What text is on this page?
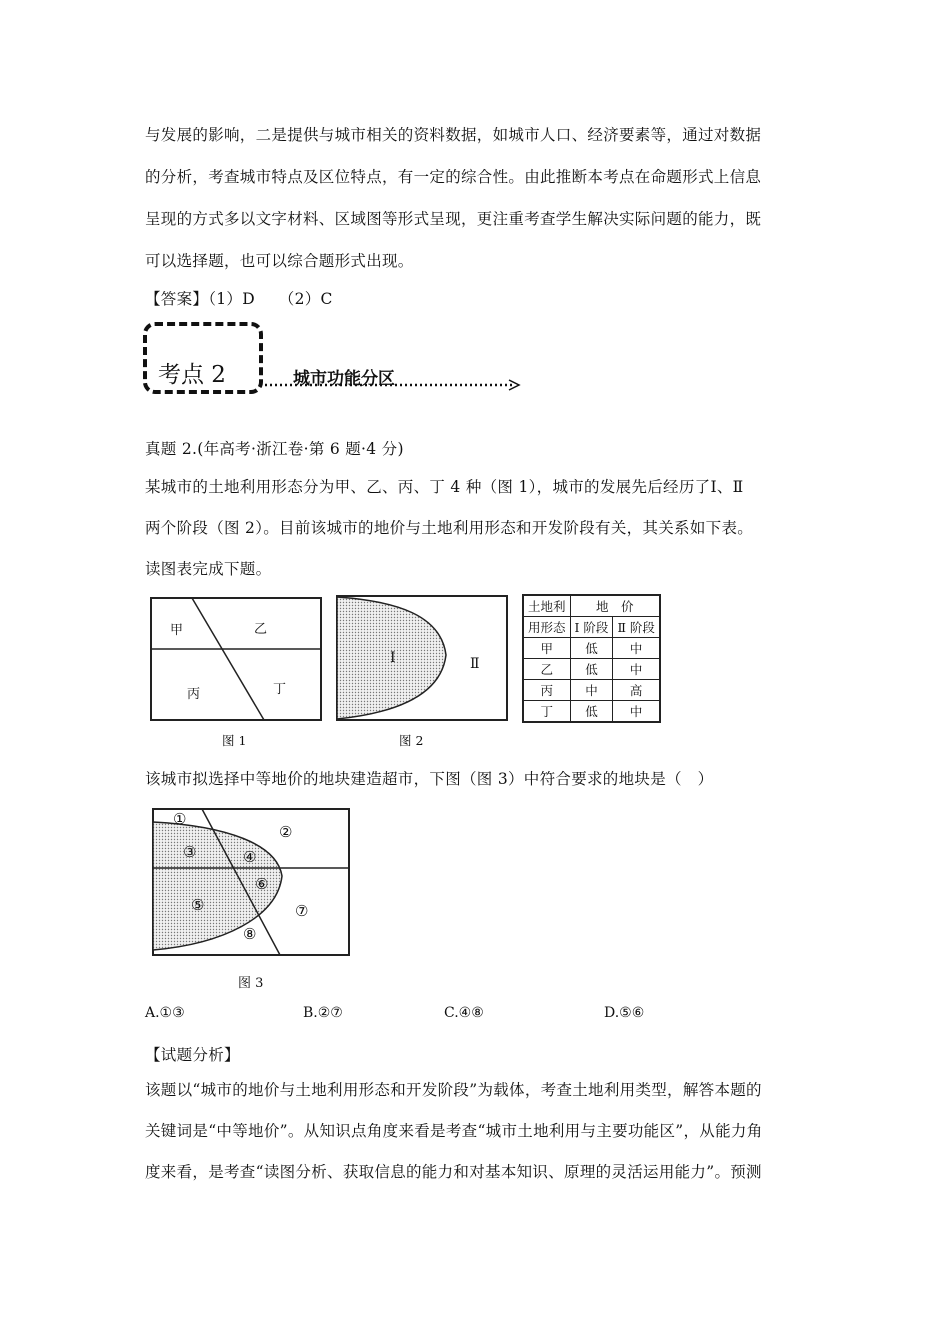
与发展的影响，二是提供与城市相关的资料数据，如城市人口、经济要素等，通过对数据
的分析，考查城市特点及区位特点，有一定的综合性。由此推断本考点在命题形式上信息
呈现的方式多以文字材料、区域图等形式呈现，更注重考查学生解决实际问题的能力，既
可以选择题，也可以综合题形式出现。
【答案】（1）D　　（2）C
考点 2	城市功能分区
真题 2.(年高考·浙江卷·第 6 题·4 分)
某城市的土地利用形态分为甲、乙、丙、丁 4 种（图 1），城市的发展先后经历了Ⅰ、Ⅱ
两个阶段（图 2）。目前该城市的地价与土地利用形态和开发阶段有关，其关系如下表。
读图表完成下题。
甲	乙
丙	丁
图 1
Ⅰ	Ⅱ
图 2
土地利	地　价	
用形态	Ⅰ 阶段	Ⅱ 阶段
甲	低	中
乙	低	中
丙	中	高
丁	低	中
该城市拟选择中等地价的地块建造超市，下图（图 3）中符合要求的地块是（　）
①
②
③	④
⑤
⑥
⑦
⑧
图 3
A.①③	B.②⑦	C.④⑧	D.⑤⑥
【试题分析】
该题以“城市的地价与土地利用形态和开发阶段”为载体，考查土地利用类型，解答本题的
关键词是“中等地价”。从知识点角度来看是考查“城市土地利用与主要功能区”，从能力角
度来看，是考查“读图分析、获取信息的能力和对基本知识、原理的灵活运用能力”。预测
